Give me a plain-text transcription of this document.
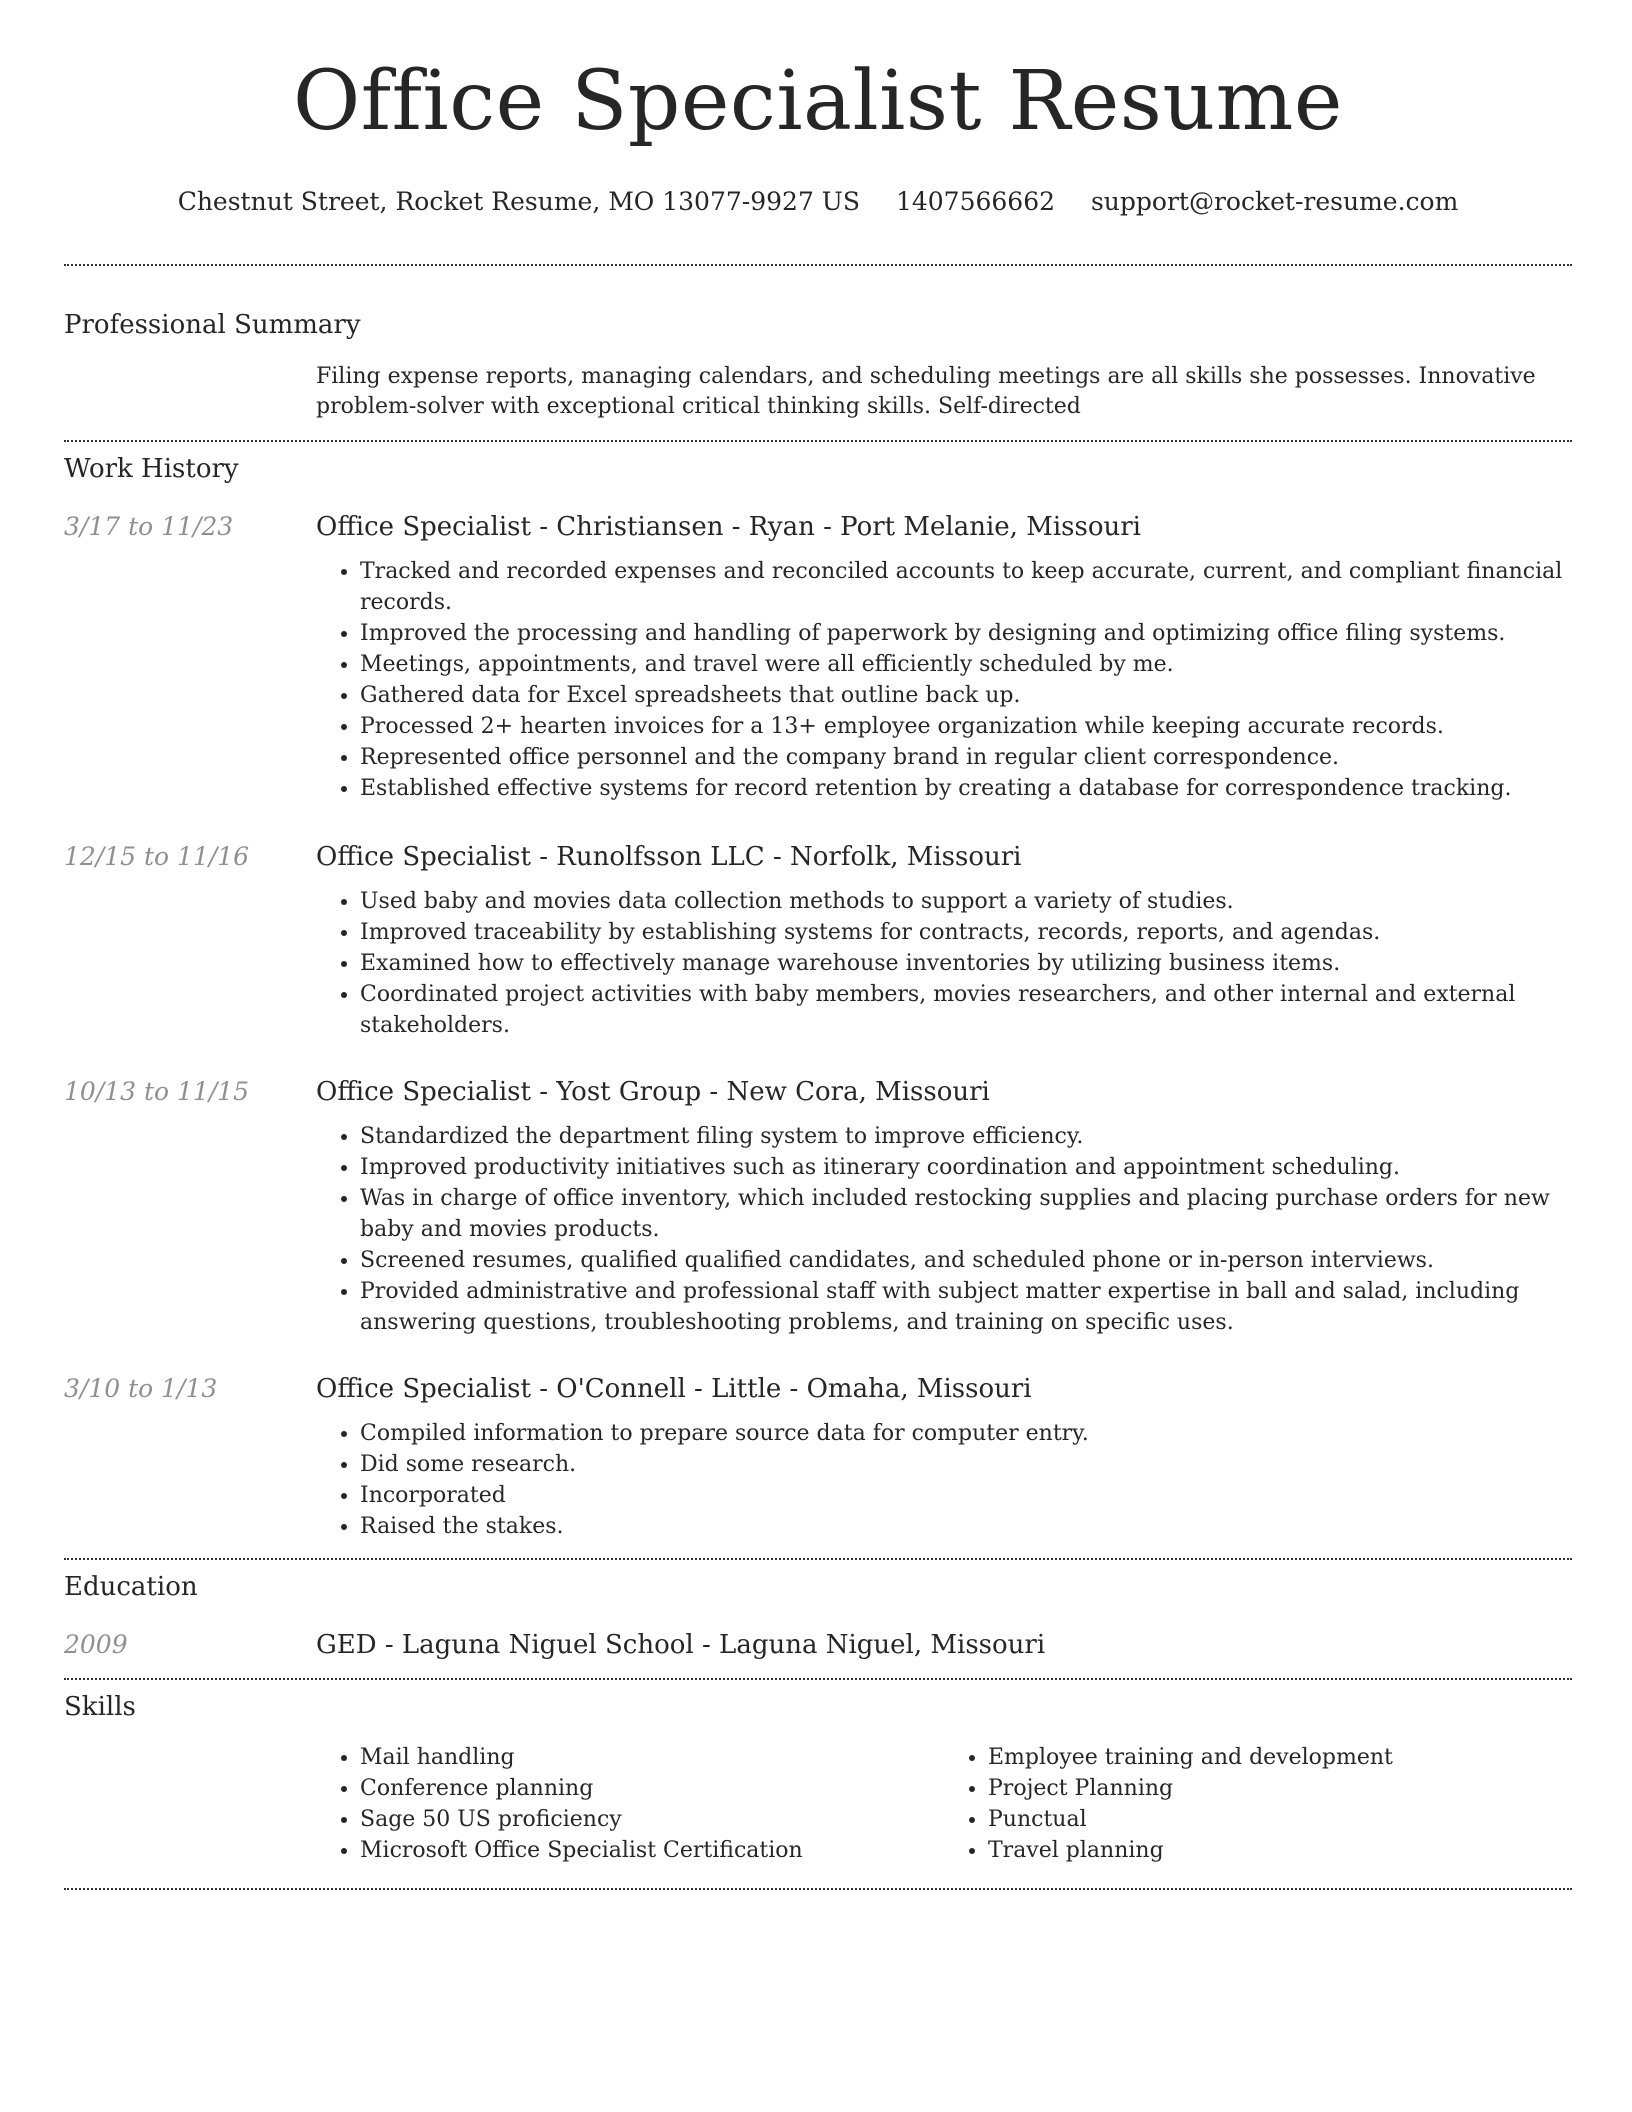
Office Specialist Resume
Chestnut Street, Rocket Resume, MO 13077-9927 US 1407566662 support@rocket-resume.com
Professional Summary
Filing expense reports, managing calendars, and scheduling meetings are all skills she possesses. Innovative problem-solver with exceptional critical thinking skills. Self-directed
Work History
3/17 to 11/23	Office Specialist - Christiansen - Ryan - Port Melanie, Missouri
• Tracked and recorded expenses and reconciled accounts to keep accurate, current, and compliant financial records.
• Improved the processing and handling of paperwork by designing and optimizing office filing systems.
• Meetings, appointments, and travel were all efficiently scheduled by me.
• Gathered data for Excel spreadsheets that outline back up.
• Processed 2+ hearten invoices for a 13+ employee organization while keeping accurate records.
• Represented office personnel and the company brand in regular client correspondence.
• Established effective systems for record retention by creating a database for correspondence tracking.
12/15 to 11/16	Office Specialist - Runolfsson LLC - Norfolk, Missouri
• Used baby and movies data collection methods to support a variety of studies.
• Improved traceability by establishing systems for contracts, records, reports, and agendas.
• Examined how to effectively manage warehouse inventories by utilizing business items.
• Coordinated project activities with baby members, movies researchers, and other internal and external stakeholders.
10/13 to 11/15	Office Specialist - Yost Group - New Cora, Missouri
• Standardized the department filing system to improve efficiency.
• Improved productivity initiatives such as itinerary coordination and appointment scheduling.
• Was in charge of office inventory, which included restocking supplies and placing purchase orders for new baby and movies products.
• Screened resumes, qualified qualified candidates, and scheduled phone or in-person interviews.
• Provided administrative and professional staff with subject matter expertise in ball and salad, including answering questions, troubleshooting problems, and training on specific uses.
3/10 to 1/13	Office Specialist - O'Connell - Little - Omaha, Missouri
• Compiled information to prepare source data for computer entry.
• Did some research.
• Incorporated
• Raised the stakes.
Education
2009	GED - Laguna Niguel School - Laguna Niguel, Missouri
Skills
• Mail handling
• Conference planning
• Sage 50 US proficiency
• Microsoft Office Specialist Certification
• Employee training and development
• Project Planning
• Punctual
• Travel planning
